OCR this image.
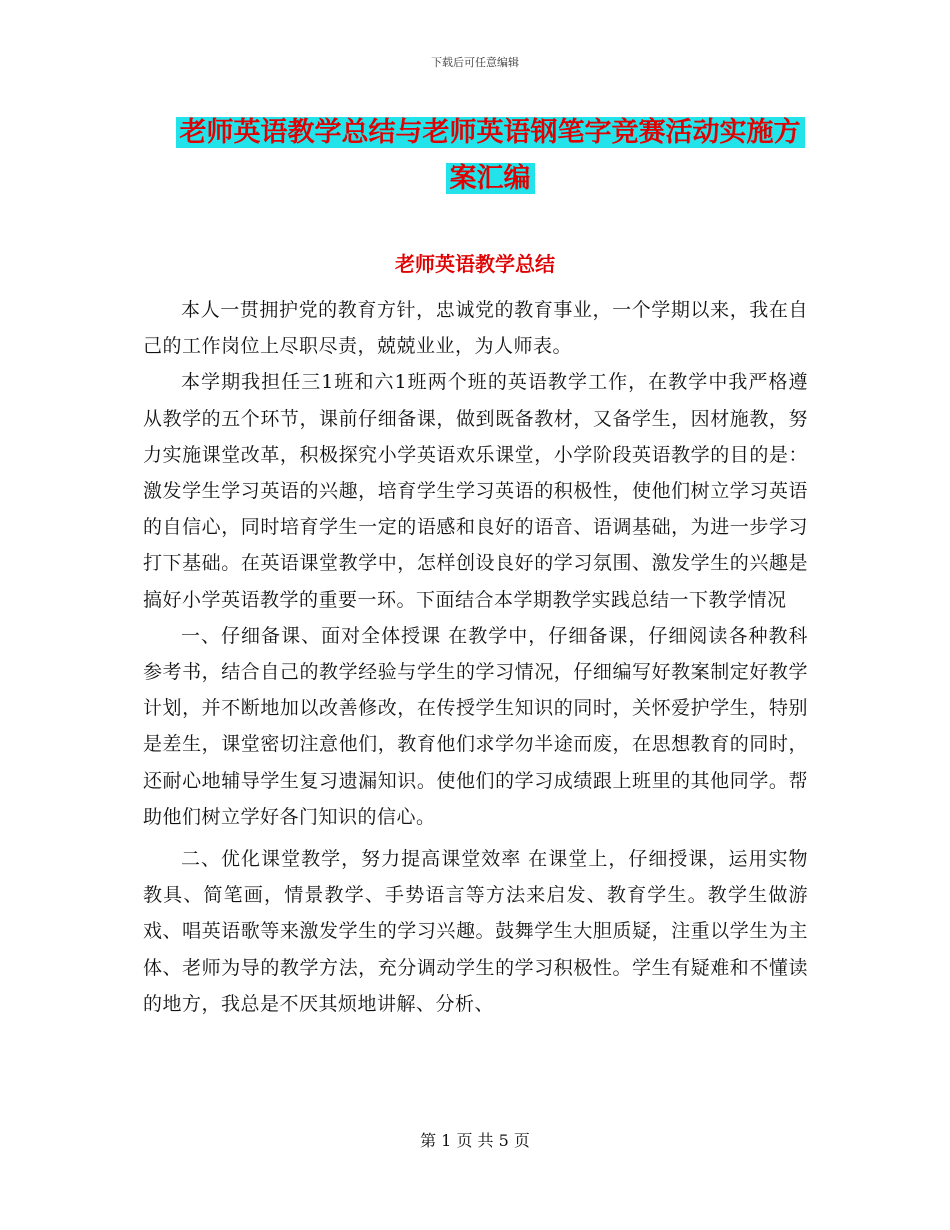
下载后可任意编辑
老师英语教学总结与老师英语钢笔字竞赛活动实施方
案汇编
老师英语教学总结

本人一贯拥护党的教育方针，忠诚党的教育事业，一个学期以来，我在自己的工作岗位上尽职尽责，兢兢业业，为人师表。

本学期我担任三1班和六1班两个班的英语教学工作，在教学中我严格遵从教学的五个环节，课前仔细备课，做到既备教材，又备学生，因材施教，努力实施课堂改革，积极探究小学英语欢乐课堂，小学阶段英语教学的目的是：激发学生学习英语的兴趣，培育学生学习英语的积极性，使他们树立学习英语的自信心，同时培育学生一定的语感和良好的语音、语调基础，为进一步学习打下基础。在英语课堂教学中，怎样创设良好的学习氛围、激发学生的兴趣是搞好小学英语教学的重要一环。下面结合本学期教学实践总结一下教学情况

一、仔细备课、面对全体授课 在教学中，仔细备课，仔细阅读各种教科参考书，结合自己的教学经验与学生的学习情况，仔细编写好教案制定好教学计划，并不断地加以改善修改，在传授学生知识的同时，关怀爱护学生，特别是差生，课堂密切注意他们，教育他们求学勿半途而废，在思想教育的同时，还耐心地辅导学生复习遗漏知识。使他们的学习成绩跟上班里的其他同学。帮助他们树立学好各门知识的信心。

二、优化课堂教学，努力提高课堂效率 在课堂上，仔细授课，运用实物教具、简笔画，情景教学、手势语言等方法来启发、教育学生。教学生做游戏、唱英语歌等来激发学生的学习兴趣。鼓舞学生大胆质疑，注重以学生为主体、老师为导的教学方法，充分调动学生的学习积极性。学生有疑难和不懂读的地方，我总是不厌其烦地讲解、分析、

第 1 页 共 5 页
